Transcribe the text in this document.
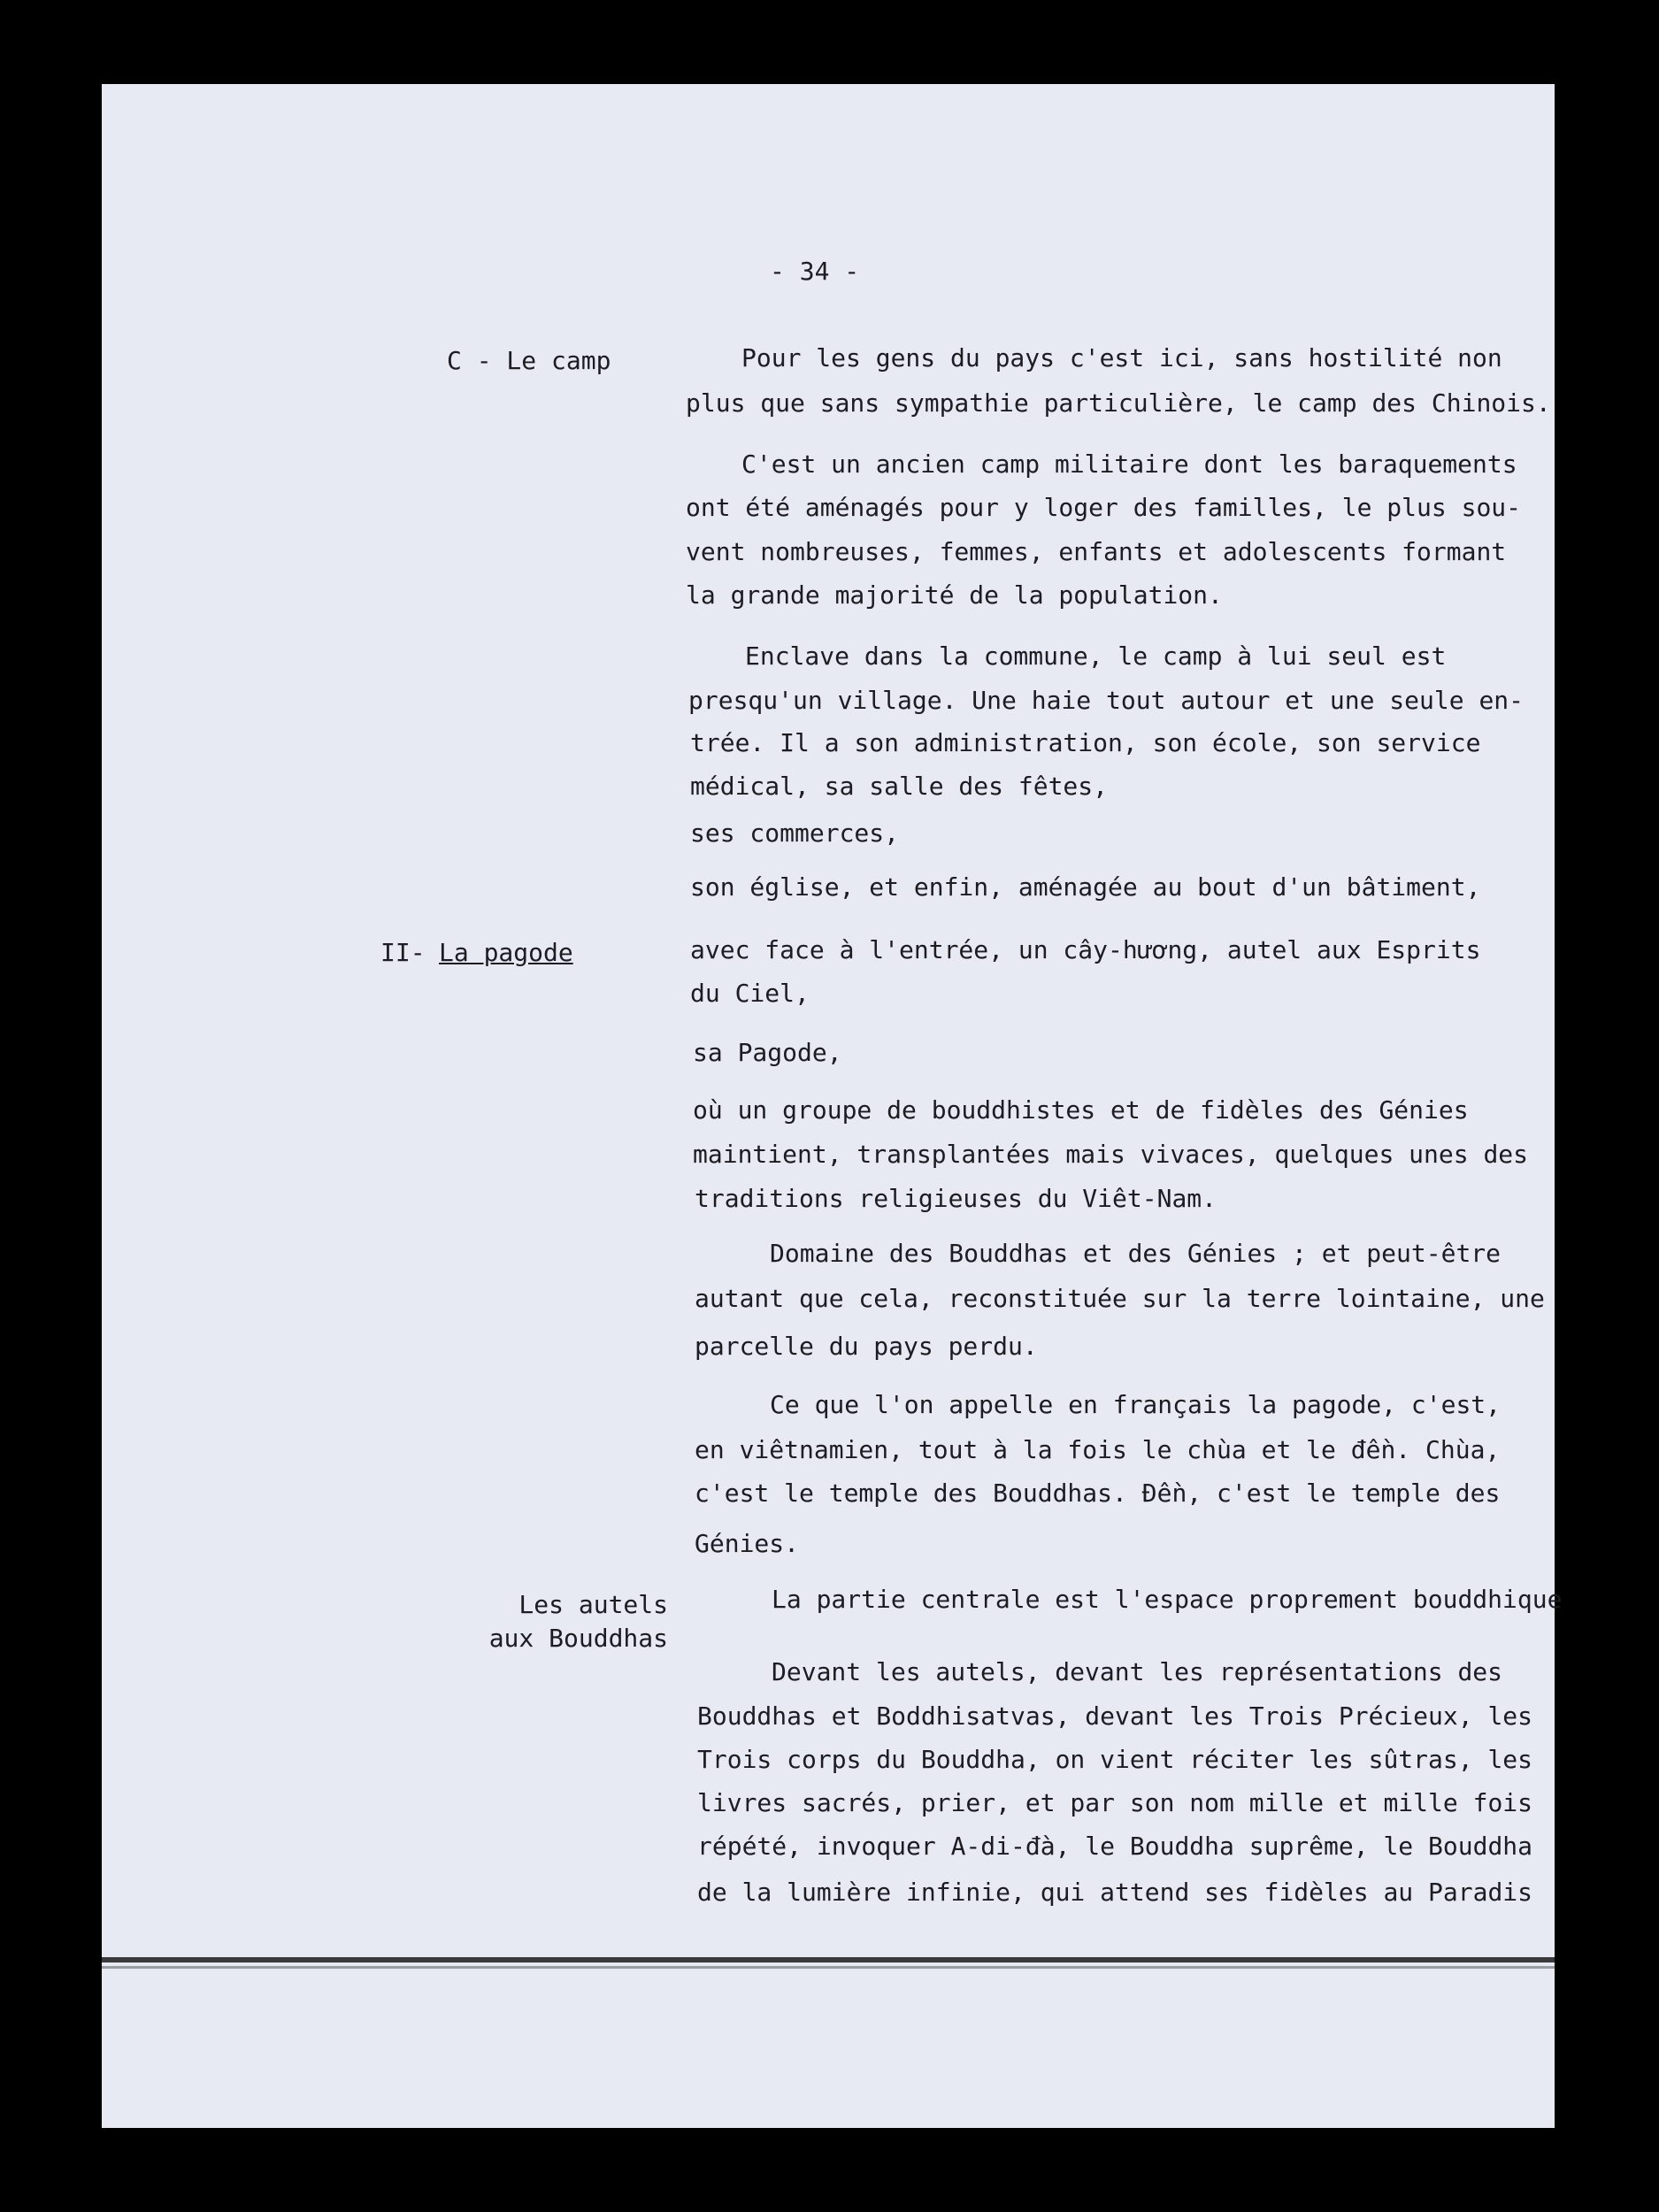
- 34 -

C - Le camp

II- La pagode

Les autels

aux Bouddhas

Pour les gens du pays c'est ici, sans hostilité non

plus que sans sympathie particulière, le camp des Chinois.

C'est un ancien camp militaire dont les baraquements

ont été aménagés pour y loger des familles, le plus sou-

vent nombreuses, femmes, enfants et adolescents formant

la grande majorité de la population.

Enclave dans la commune, le camp à lui seul est

presqu'un village. Une haie tout autour et une seule en-

trée. Il a son administration, son école, son service

médical, sa salle des fêtes,

ses commerces,

son église, et enfin, aménagée au bout d'un bâtiment,

avec face à l'entrée, un cây-hương, autel aux Esprits

du Ciel,

sa Pagode,

où un groupe de bouddhistes et de fidèles des Génies

maintient, transplantées mais vivaces, quelques unes des

traditions religieuses du Viêt-Nam.

Domaine des Bouddhas et des Génies ; et peut-être

autant que cela, reconstituée sur la terre lointaine, une

parcelle du pays perdu.

Ce que l'on appelle en français la pagode, c'est,

en viêtnamien, tout à la fois le chùa et le đền. Chùa,

c'est le temple des Bouddhas. Đền, c'est le temple des

Génies.

La partie centrale est l'espace proprement bouddhique

Devant les autels, devant les représentations des

Bouddhas et Boddhisatvas, devant les Trois Précieux, les

Trois corps du Bouddha, on vient réciter les sûtras, les

livres sacrés, prier, et par son nom mille et mille fois

répété, invoquer A-di-đà, le Bouddha suprême, le Bouddha

de la lumière infinie, qui attend ses fidèles au Paradis
